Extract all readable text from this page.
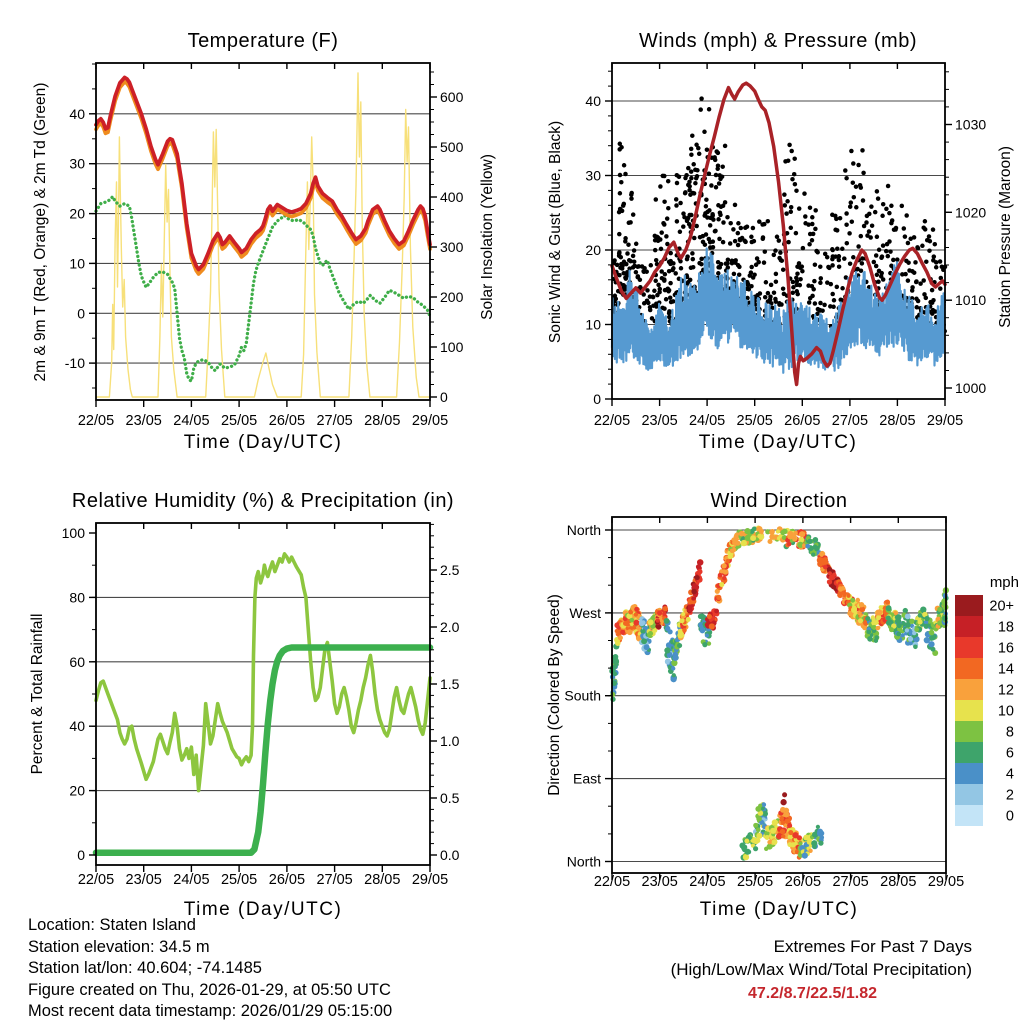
22/05 23/05 24/05 25/05 26/05 27/05 28/05 29/05
-10
0
10
20
30
40
0
100
200
300
400
500
600
22/05 23/05 24/05 25/05 26/05 27/05 28/05 29/05
0
10
20
30
40
1000
1010
1020
1030
22/05 23/05 24/05 25/05 26/05 27/05 28/05 29/05
0
20
40
60
80
100
0.0
0.5
1.0
1.5
2.0
2.5
22/05 23/05 24/05 25/05 26/05 27/05 28/05 29/05
North
East
South
West
North
20+
18
16
14
12
10
8
6
4
2
0
Temperature (F)	Winds (mph) & Pressure (mb)
Relative Humidity (%) & Precipitation (in)	Wind Direction
Time (Day/UTC)	Time (Day/UTC)
Time (Day/UTC)	Time (Day/UTC)
2m & 9m T (Red, Orange) & 2m Td (Green)	Solar Insolation (Yellow)	Sonic Wind & Gust (Blue, Black)	Station Pressure (Maroon)
Percent & Total Rainfall	Direction (Colored By Speed)
mph
Location: Staten Island
Station elevation: 34.5 m
Station lat/lon: 40.604; -74.1485
Figure created on Thu, 2026-01-29, at 05:50 UTC
Most recent data timestamp: 2026/01/29 05:15:00
Extremes For Past 7 Days
(High/Low/Max Wind/Total Precipitation)
47.2/8.7/22.5/1.82
